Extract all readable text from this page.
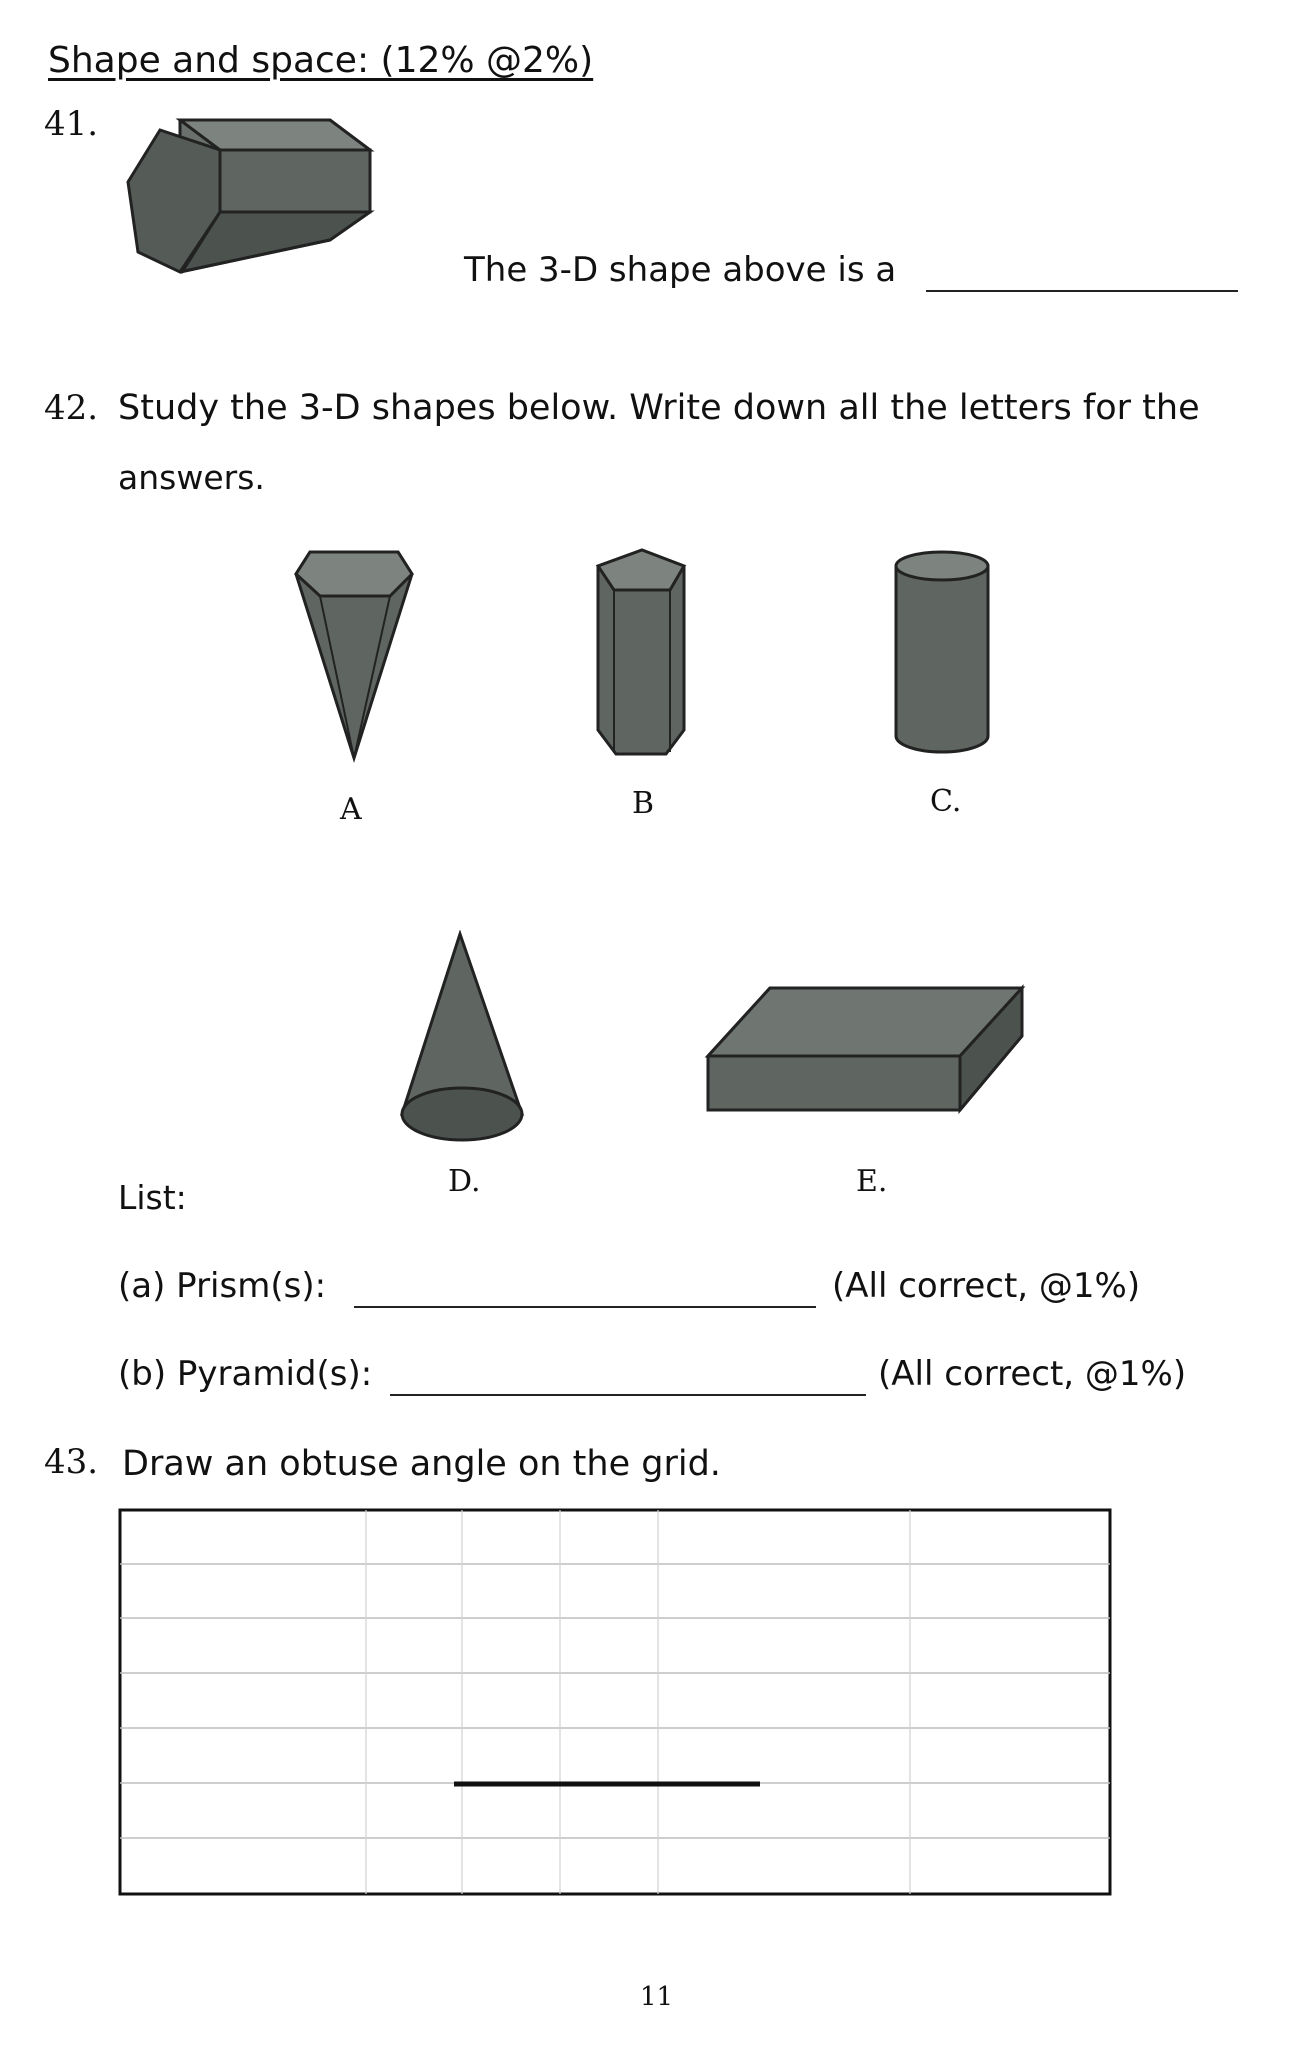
Shape and space: (12% @2%)
41.
The 3-D shape above is a
42. Study the 3-D shapes below. Write down all the letters for the
answers.
A	B	C.
D.	E.
List:
(a) Prism(s):	(All correct, @1%)
(b) Pyramid(s):	(All correct, @1%)
43. Draw an obtuse angle on the grid.
11
